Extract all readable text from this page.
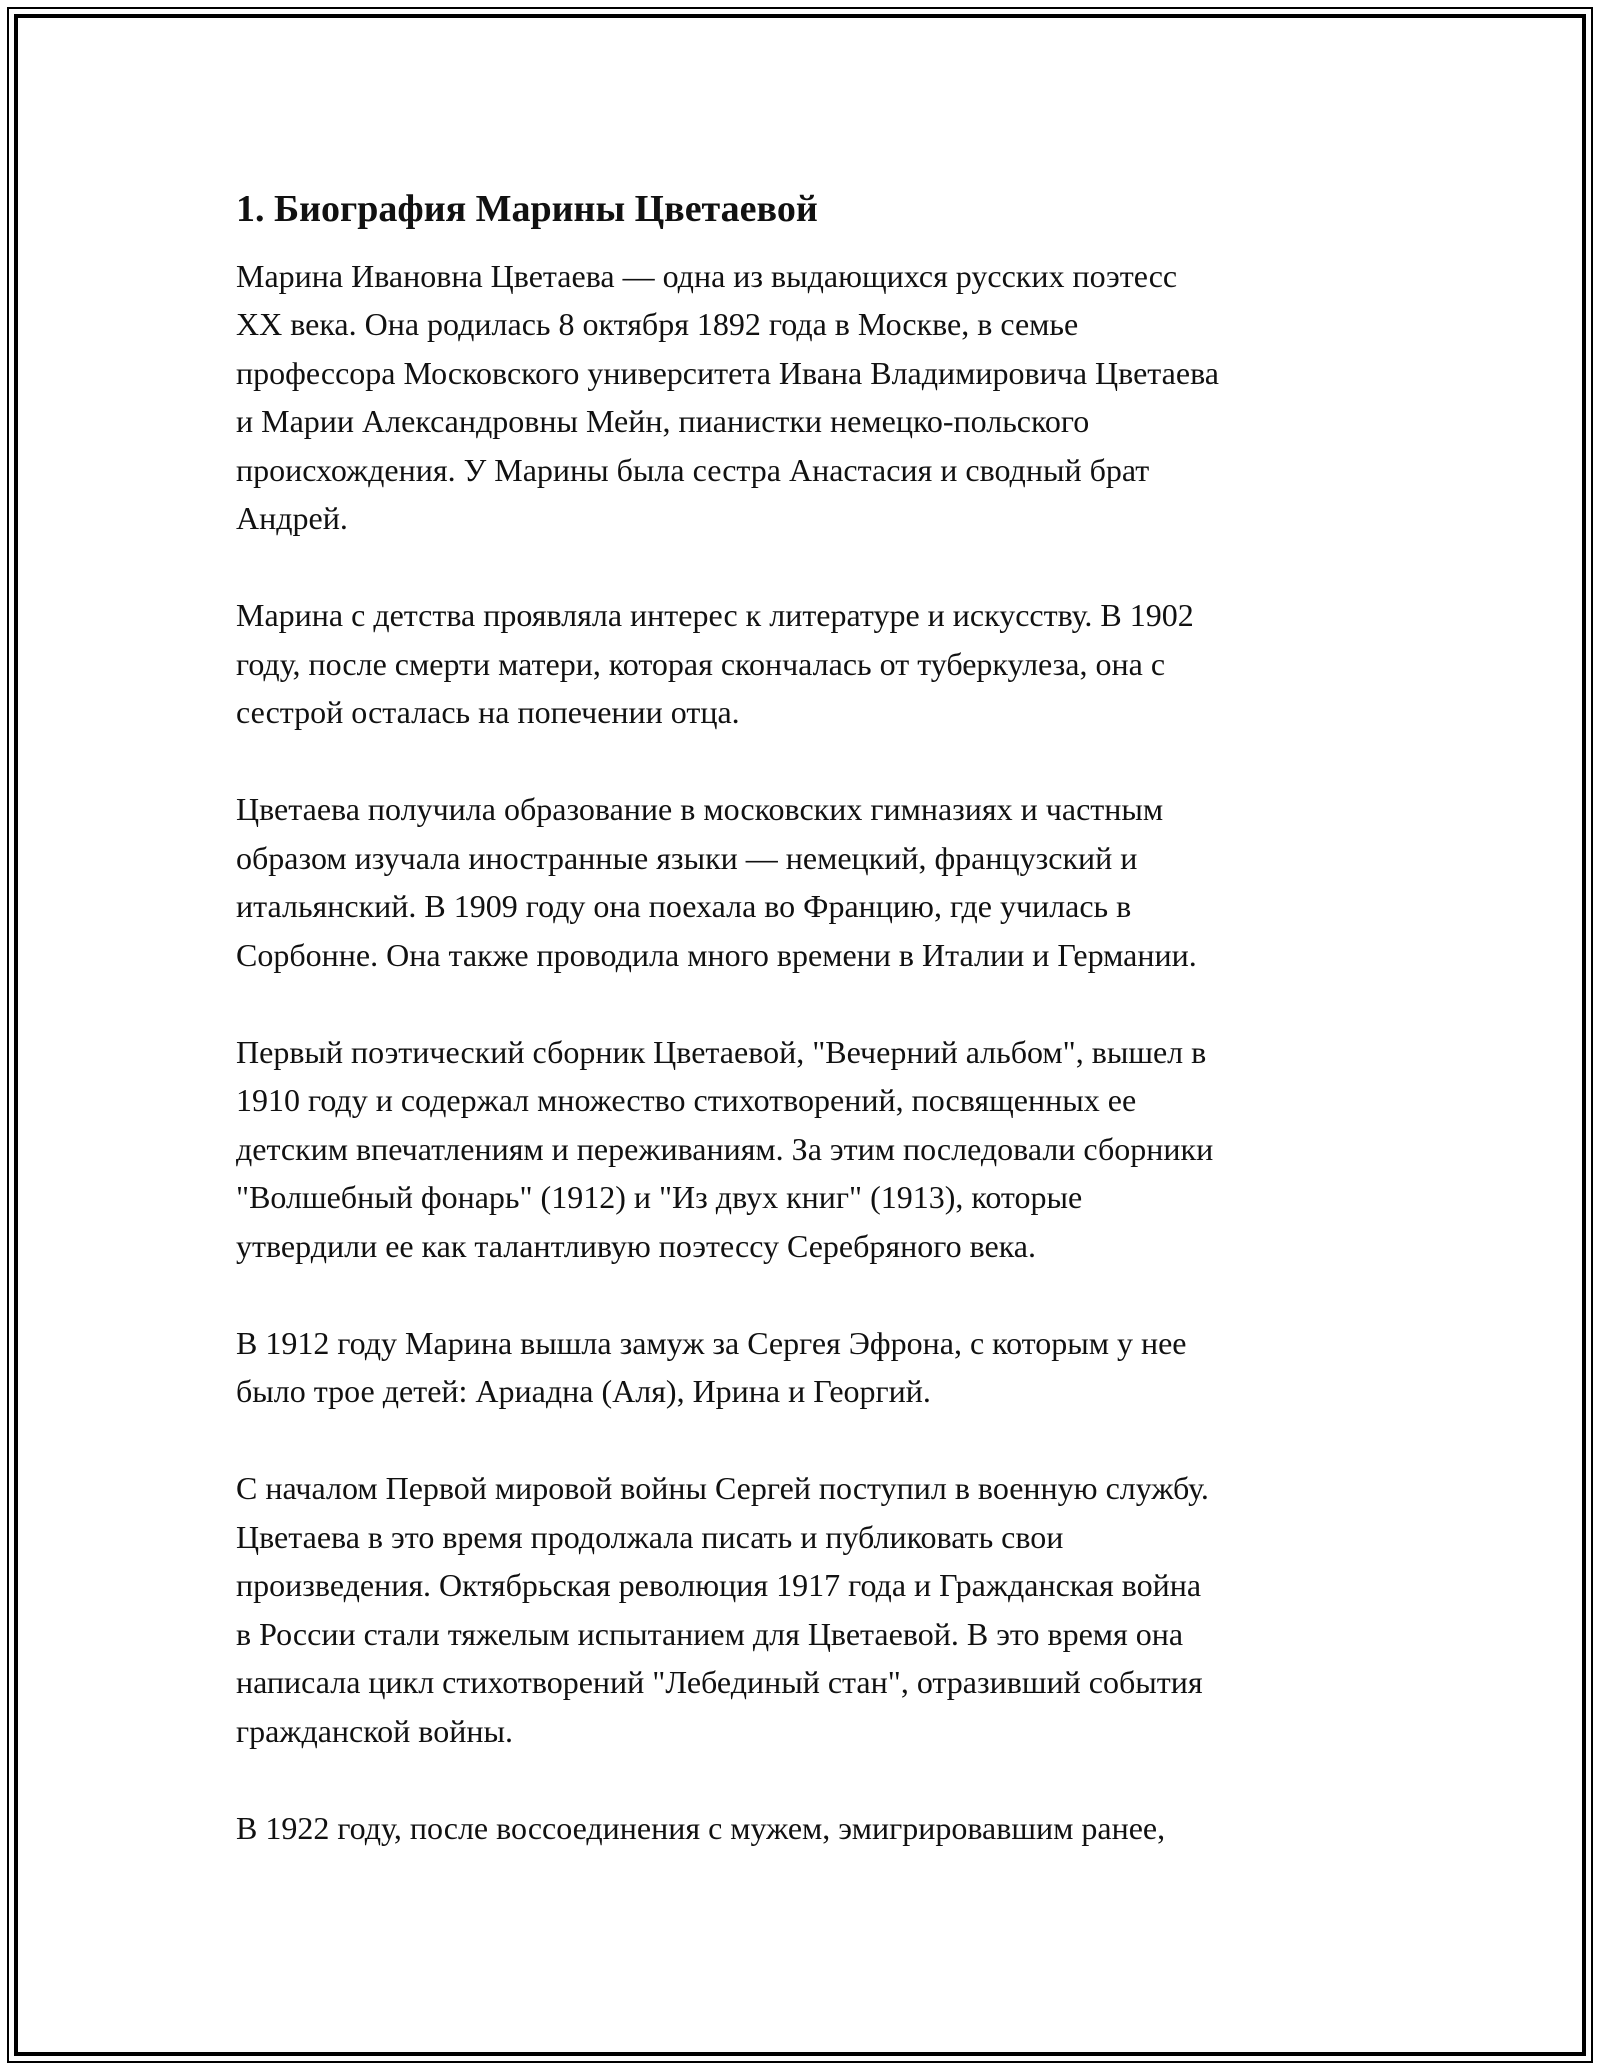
1. Биография Марины Цветаевой
Марина Ивановна Цветаева — одна из выдающихся русских поэтесс
XX века. Она родилась 8 октября 1892 года в Москве, в семье
профессора Московского университета Ивана Владимировича Цветаева
и Марии Александровны Мейн, пианистки немецко-польского
происхождения. У Марины была сестра Анастасия и сводный брат
Андрей.
Марина с детства проявляла интерес к литературе и искусству. В 1902
году, после смерти матери, которая скончалась от туберкулеза, она с
сестрой осталась на попечении отца.
Цветаева получила образование в московских гимназиях и частным
образом изучала иностранные языки — немецкий, французский и
итальянский. В 1909 году она поехала во Францию, где училась в
Сорбонне. Она также проводила много времени в Италии и Германии.
Первый поэтический сборник Цветаевой, "Вечерний альбом", вышел в
1910 году и содержал множество стихотворений, посвященных ее
детским впечатлениям и переживаниям. За этим последовали сборники
"Волшебный фонарь" (1912) и "Из двух книг" (1913), которые
утвердили ее как талантливую поэтессу Серебряного века.
В 1912 году Марина вышла замуж за Сергея Эфрона, с которым у нее
было трое детей: Ариадна (Аля), Ирина и Георгий.
С началом Первой мировой войны Сергей поступил в военную службу.
Цветаева в это время продолжала писать и публиковать свои
произведения. Октябрьская революция 1917 года и Гражданская война
в России стали тяжелым испытанием для Цветаевой. В это время она
написала цикл стихотворений "Лебединый стан", отразивший события
гражданской войны.
В 1922 году, после воссоединения с мужем, эмигрировавшим ранее,
